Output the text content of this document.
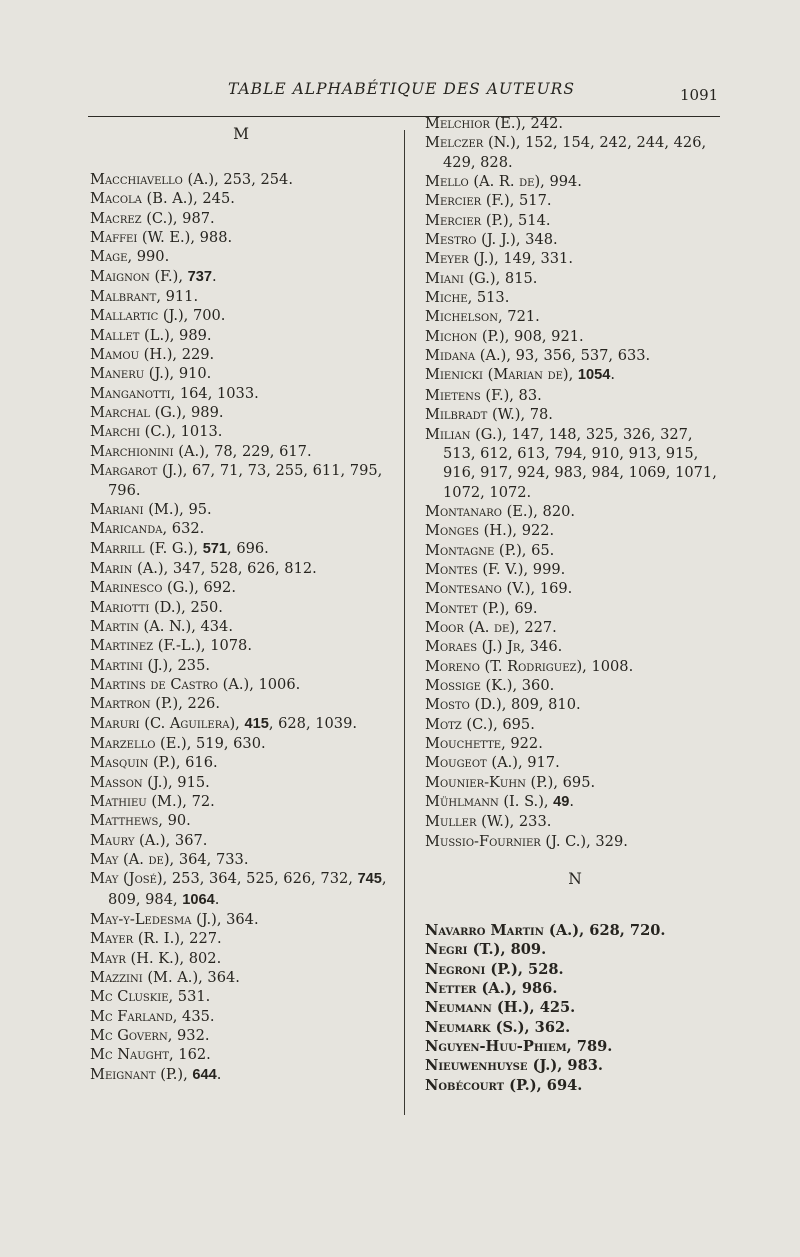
TABLE ALPHABÉTIQUE DES AUTEURS	1091
M
Macchiavello (A.), 253, 254.
Macola (B. A.), 245.
Macrez (C.), 987.
Maffei (W. E.), 988.
Mage, 990.
Maignon (F.), 737.
Malbrant, 911.
Mallartic (J.), 700.
Mallet (L.), 989.
Mamou (H.), 229.
Maneru (J.), 910.
Manganotti, 164, 1033.
Marchal (G.), 989.
Marchi (C.), 1013.
Marchionini (A.), 78, 229, 617.
Margarot (J.), 67, 71, 73, 255, 611, 795, 796.
Mariani (M.), 95.
Maricanda, 632.
Marrill (F. G.), 571, 696.
Marin (A.), 347, 528, 626, 812.
Marinesco (G.), 692.
Mariotti (D.), 250.
Martin (A. N.), 434.
Martinez (F.-L.), 1078.
Martini (J.), 235.
Martins de Castro (A.), 1006.
Martron (P.), 226.
Maruri (C. Aguilera), 415, 628, 1039.
Marzello (E.), 519, 630.
Masquin (P.), 616.
Masson (J.), 915.
Mathieu (M.), 72.
Matthews, 90.
Maury (A.), 367.
May (A. de), 364, 733.
May (José), 253, 364, 525, 626, 732, 745, 809, 984, 1064.
May-y-Ledesma (J.), 364.
Mayer (R. I.), 227.
Mayr (H. K.), 802.
Mazzini (M. A.), 364.
Mc Cluskie, 531.
Mc Farland, 435.
Mc Govern, 932.
Mc Naught, 162.
Meignant (P.), 644.
Melchior (E.), 242.
Melczer (N.), 152, 154, 242, 244, 426, 429, 828.
Mello (A. R. de), 994.
Mercier (F.), 517.
Mercier (P.), 514.
Mestro (J. J.), 348.
Meyer (J.), 149, 331.
Miani (G.), 815.
Miche, 513.
Michelson, 721.
Michon (P.), 908, 921.
Midana (A.), 93, 356, 537, 633.
Mienicki (Marian de), 1054.
Mietens (F.), 83.
Milbradt (W.), 78.
Milian (G.), 147, 148, 325, 326, 327, 513, 612, 613, 794, 910, 913, 915, 916, 917, 924, 983, 984, 1069, 1071, 1072, 1072.
Montanaro (E.), 820.
Monges (H.), 922.
Montagne (P.), 65.
Montes (F. V.), 999.
Montesano (V.), 169.
Montet (P.), 69.
Moor (A. de), 227.
Moraes (J.) Jr, 346.
Moreno (T. Rodriguez), 1008.
Mossige (K.), 360.
Mosto (D.), 809, 810.
Motz (C.), 695.
Mouchette, 922.
Mougeot (A.), 917.
Mounier-Kuhn (P.), 695.
Mühlmann (I. S.), 49.
Muller (W.), 233.
Mussio-Fournier (J. C.), 329.
N
Navarro Martin (A.), 628, 720.
Negri (T.), 809.
Negroni (P.), 528.
Netter (A.), 986.
Neumann (H.), 425.
Neumark (S.), 362.
Nguyen-Huu-Phiem, 789.
Nieuwenhuyse (J.), 983.
Nobécourt (P.), 694.
